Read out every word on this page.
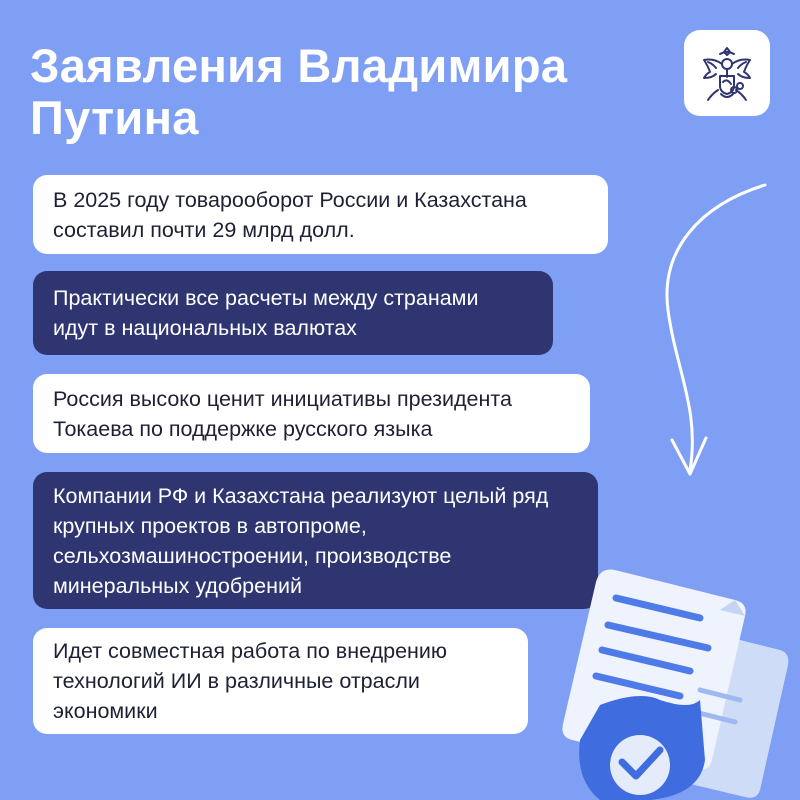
Заявления Владимира Путина
В 2025 году товарооборот России и Казахстана
составил почти 29 млрд долл.
Практически все расчеты между странами
идут в национальных валютах
Россия высоко ценит инициативы президента
Токаева по поддержке русского языка
Компании РФ и Казахстана реализуют целый ряд
крупных проектов в автопроме,
сельхозмашиностроении, производстве
минеральных удобрений
Идет совместная работа по внедрению
технологий ИИ в различные отрасли
экономики
